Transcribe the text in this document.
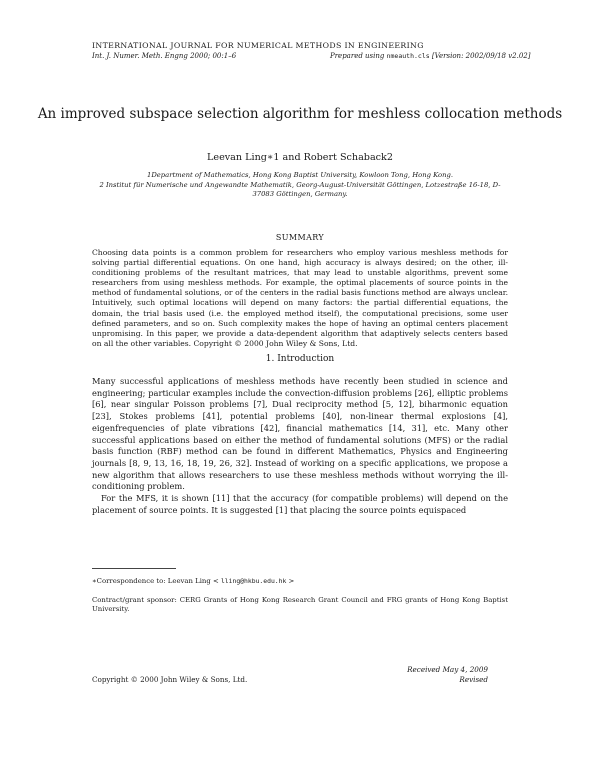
INTERNATIONAL JOURNAL FOR NUMERICAL METHODS IN ENGINEERING
Int. J. Numer. Meth. Engng 2000; 00:1–6	Prepared using nmeauth.cls [Version: 2002/09/18 v2.02]
An improved subspace selection algorithm for meshless collocation methods
Leevan Ling∗1 and Robert Schaback2
1Department of Mathematics, Hong Kong Baptist University, Kowloon Tong, Hong Kong.
2 Institut für Numerische und Angewandte Mathematik, Georg-August-Universität Göttingen, Lotzestraße 16-18, D-37083 Göttingen, Germany.
SUMMARY
Choosing data points is a common problem for researchers who employ various meshless methods for solving partial differential equations. On one hand, high accuracy is always desired; on the other, ill-conditioning problems of the resultant matrices, that may lead to unstable algorithms, prevent some researchers from using meshless methods. For example, the optimal placements of source points in the method of fundamental solutions, or of the centers in the radial basis functions method are always unclear. Intuitively, such optimal locations will depend on many factors: the partial differential equations, the domain, the trial basis used (i.e. the employed method itself), the computational precisions, some user defined parameters, and so on. Such complexity makes the hope of having an optimal centers placement unpromising. In this paper, we provide a data-dependent algorithm that adaptively selects centers based on all the other variables. Copyright © 2000 John Wiley & Sons, Ltd.
1. Introduction

Many successful applications of meshless methods have recently been studied in science and engineering; particular examples include the convection-diffusion problems [26], elliptic problems [6], near singular Poisson problems [7], Dual reciprocity method [5, 12], biharmonic equation [23], Stokes problems [41], potential problems [40], non-linear thermal explosions [4], eigenfrequencies of plate vibrations [42], financial mathematics [14, 31], etc. Many other successful applications based on either the method of fundamental solutions (MFS) or the radial basis function (RBF) method can be found in different Mathematics, Physics and Engineering journals [8, 9, 13, 16, 18, 19, 26, 32]. Instead of working on a specific applications, we propose a new algorithm that allows researchers to use these meshless methods without worrying the ill-conditioning problem.

For the MFS, it is shown [11] that the accuracy (for compatible problems) will depend on the placement of source points. It is suggested [1] that placing the source points equispaced

∗Correspondence to: Leevan Ling < lling@hkbu.edu.hk >
Contract/grant sponsor: CERG Grants of Hong Kong Research Grant Council and FRG grants of Hong Kong Baptist University.
Received May 4, 2009
Revised
Copyright © 2000 John Wiley & Sons, Ltd.
